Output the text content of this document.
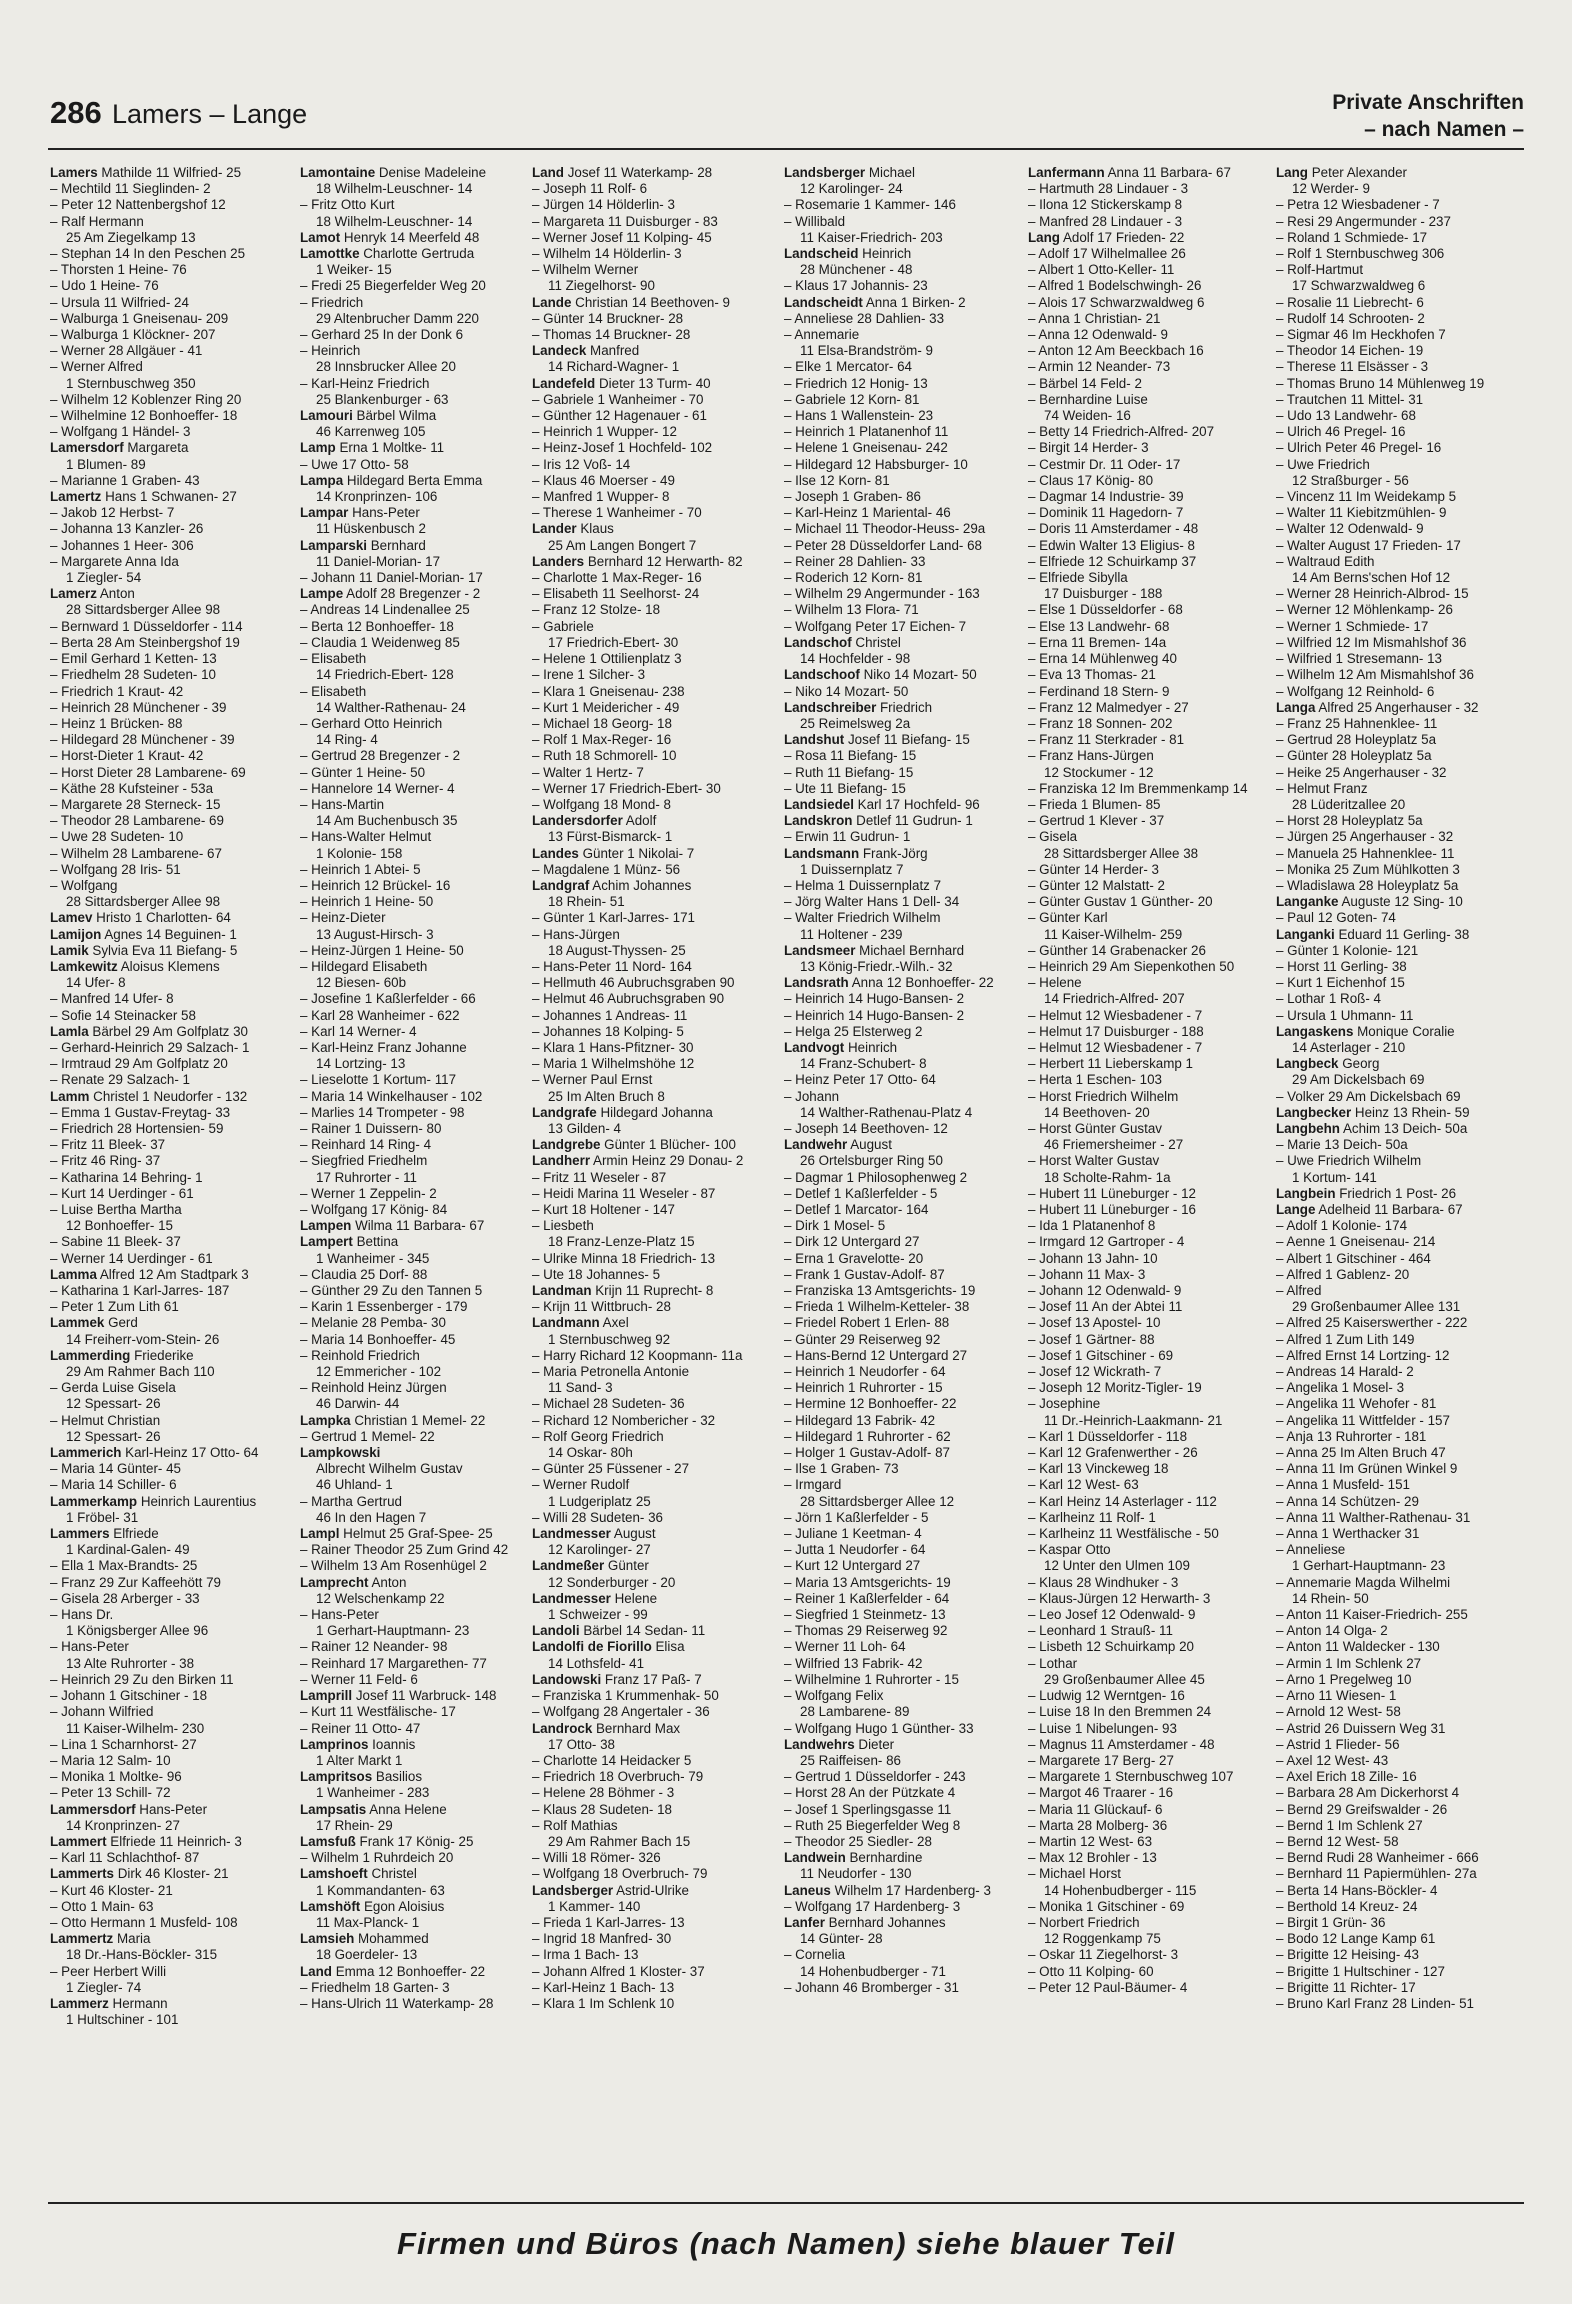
286 Lamers – Lange	Private Anschriften
– nach Namen –
Lamers Mathilde 11 Wilfried- 25
– Mechtild 11 Sieglinden- 2
– Peter 12 Nattenbergshof 12
– Ralf Hermann
25 Am Ziegelkamp 13
– Stephan 14 In den Peschen 25
– Thorsten 1 Heine- 76
– Udo 1 Heine- 76
– Ursula 11 Wilfried- 24
– Walburga 1 Gneisenau- 209
– Walburga 1 Klöckner- 207
– Werner 28 Allgäuer - 41
– Werner Alfred
1 Sternbuschweg 350
– Wilhelm 12 Koblenzer Ring 20
– Wilhelmine 12 Bonhoeffer- 18
– Wolfgang 1 Händel- 3
Lamersdorf Margareta
1 Blumen- 89
– Marianne 1 Graben- 43
Lamertz Hans 1 Schwanen- 27
– Jakob 12 Herbst- 7
– Johanna 13 Kanzler- 26
– Johannes 1 Heer- 306
– Margarete Anna Ida
1 Ziegler- 54
Lamerz Anton
28 Sittardsberger Allee 98
– Bernward 1 Düsseldorfer - 114
– Berta 28 Am Steinbergshof 19
– Emil Gerhard 1 Ketten- 13
– Friedhelm 28 Sudeten- 10
– Friedrich 1 Kraut- 42
– Heinrich 28 Münchener - 39
– Heinz 1 Brücken- 88
– Hildegard 28 Münchener - 39
– Horst-Dieter 1 Kraut- 42
– Horst Dieter 28 Lambarene- 69
– Käthe 28 Kufsteiner - 53a
– Margarete 28 Sterneck- 15
– Theodor 28 Lambarene- 69
– Uwe 28 Sudeten- 10
– Wilhelm 28 Lambarene- 67
– Wolfgang 28 Iris- 51
– Wolfgang
28 Sittardsberger Allee 98
Lamev Hristo 1 Charlotten- 64
Lamijon Agnes 14 Beguinen- 1
Lamik Sylvia Eva 11 Biefang- 5
Lamkewitz Aloisus Klemens
14 Ufer- 8
– Manfred 14 Ufer- 8
– Sofie 14 Steinacker 58
Lamla Bärbel 29 Am Golfplatz 30
– Gerhard-Heinrich 29 Salzach- 1
– Irmtraud 29 Am Golfplatz 20
– Renate 29 Salzach- 1
Lamm Christel 1 Neudorfer - 132
– Emma 1 Gustav-Freytag- 33
– Friedrich 28 Hortensien- 59
– Fritz 11 Bleek- 37
– Fritz 46 Ring- 37
– Katharina 14 Behring- 1
– Kurt 14 Uerdinger - 61
– Luise Bertha Martha
12 Bonhoeffer- 15
– Sabine 11 Bleek- 37
– Werner 14 Uerdinger - 61
Lamma Alfred 12 Am Stadtpark 3
– Katharina 1 Karl-Jarres- 187
– Peter 1 Zum Lith 61
Lammek Gerd
14 Freiherr-vom-Stein- 26
Lammerding Friederike
29 Am Rahmer Bach 110
– Gerda Luise Gisela
12 Spessart- 26
– Helmut Christian
12 Spessart- 26
Lammerich Karl-Heinz 17 Otto- 64
– Maria 14 Günter- 45
– Maria 14 Schiller- 6
Lammerkamp Heinrich Laurentius
1 Fröbel- 31
Lammers Elfriede
1 Kardinal-Galen- 49
– Ella 1 Max-Brandts- 25
– Franz 29 Zur Kaffeehött 79
– Gisela 28 Arberger - 33
– Hans Dr.
1 Königsberger Allee 96
– Hans-Peter
13 Alte Ruhrorter - 38
– Heinrich 29 Zu den Birken 11
– Johann 1 Gitschiner - 18
– Johann Wilfried
11 Kaiser-Wilhelm- 230
– Lina 1 Scharnhorst- 27
– Maria 12 Salm- 10
– Monika 1 Moltke- 96
– Peter 13 Schill- 72
Lammersdorf Hans-Peter
14 Kronprinzen- 27
Lammert Elfriede 11 Heinrich- 3
– Karl 11 Schlachthof- 87
Lammerts Dirk 46 Kloster- 21
– Kurt 46 Kloster- 21
– Otto 1 Main- 63
– Otto Hermann 1 Musfeld- 108
Lammertz Maria
18 Dr.-Hans-Böckler- 315
– Peer Herbert Willi
1 Ziegler- 74
Lammerz Hermann
1 Hultschiner - 101
Lamontaine Denise Madeleine
18 Wilhelm-Leuschner- 14
– Fritz Otto Kurt
18 Wilhelm-Leuschner- 14
Lamot Henryk 14 Meerfeld 48
Lamottke Charlotte Gertruda
1 Weiker- 15
– Fredi 25 Biegerfelder Weg 20
– Friedrich
29 Altenbrucher Damm 220
– Gerhard 25 In der Donk 6
– Heinrich
28 Innsbrucker Allee 20
– Karl-Heinz Friedrich
25 Blankenburger - 63
Lamouri Bärbel Wilma
46 Karrenweg 105
Lamp Erna 1 Moltke- 11
– Uwe 17 Otto- 58
Lampa Hildegard Berta Emma
14 Kronprinzen- 106
Lampar Hans-Peter
11 Hüskenbusch 2
Lamparski Bernhard
11 Daniel-Morian- 17
– Johann 11 Daniel-Morian- 17
Lampe Adolf 28 Bregenzer - 2
– Andreas 14 Lindenallee 25
– Berta 12 Bonhoeffer- 18
– Claudia 1 Weidenweg 85
– Elisabeth
14 Friedrich-Ebert- 128
– Elisabeth
14 Walther-Rathenau- 24
– Gerhard Otto Heinrich
14 Ring- 4
– Gertrud 28 Bregenzer - 2
– Günter 1 Heine- 50
– Hannelore 14 Werner- 4
– Hans-Martin
14 Am Buchenbusch 35
– Hans-Walter Helmut
1 Kolonie- 158
– Heinrich 1 Abtei- 5
– Heinrich 12 Brückel- 16
– Heinrich 1 Heine- 50
– Heinz-Dieter
13 August-Hirsch- 3
– Heinz-Jürgen 1 Heine- 50
– Hildegard Elisabeth
12 Biesen- 60b
– Josefine 1 Kaßlerfelder - 66
– Karl 28 Wanheimer - 622
– Karl 14 Werner- 4
– Karl-Heinz Franz Johanne
14 Lortzing- 13
– Lieselotte 1 Kortum- 117
– Maria 14 Winkelhauser - 102
– Marlies 14 Trompeter - 98
– Rainer 1 Duissern- 80
– Reinhard 14 Ring- 4
– Siegfried Friedhelm
17 Ruhrorter - 11
– Werner 1 Zeppelin- 2
– Wolfgang 17 König- 84
Lampen Wilma 11 Barbara- 67
Lampert Bettina
1 Wanheimer - 345
– Claudia 25 Dorf- 88
– Günther 29 Zu den Tannen 5
– Karin 1 Essenberger - 179
– Melanie 28 Pemba- 30
– Maria 14 Bonhoeffer- 45
– Reinhold Friedrich
12 Emmericher - 102
– Reinhold Heinz Jürgen
46 Darwin- 44
Lampka Christian 1 Memel- 22
– Gertrud 1 Memel- 22
Lampkowski
Albrecht Wilhelm Gustav
46 Uhland- 1
– Martha Gertrud
46 In den Hagen 7
Lampl Helmut 25 Graf-Spee- 25
– Rainer Theodor 25 Zum Grind 42
– Wilhelm 13 Am Rosenhügel 2
Lamprecht Anton
12 Welschenkamp 22
– Hans-Peter
1 Gerhart-Hauptmann- 23
– Rainer 12 Neander- 98
– Reinhard 17 Margarethen- 77
– Werner 11 Feld- 6
Lamprill Josef 11 Warbruck- 148
– Kurt 11 Westfälische- 17
– Reiner 11 Otto- 47
Lamprinos Ioannis
1 Alter Markt 1
Lampritsos Basilios
1 Wanheimer - 283
Lampsatis Anna Helene
17 Rhein- 29
Lamsfuß Frank 17 König- 25
– Wilhelm 1 Ruhrdeich 20
Lamshoeft Christel
1 Kommandanten- 63
Lamshöft Egon Aloisius
11 Max-Planck- 1
Lamsieh Mohammed
18 Goerdeler- 13
Land Emma 12 Bonhoeffer- 22
– Friedhelm 18 Garten- 3
– Hans-Ulrich 11 Waterkamp- 28
Land Josef 11 Waterkamp- 28
– Joseph 11 Rolf- 6
– Jürgen 14 Hölderlin- 3
– Margareta 11 Duisburger - 83
– Werner Josef 11 Kolping- 45
– Wilhelm 14 Hölderlin- 3
– Wilhelm Werner
11 Ziegelhorst- 90
Lande Christian 14 Beethoven- 9
– Günter 14 Bruckner- 28
– Thomas 14 Bruckner- 28
Landeck Manfred
14 Richard-Wagner- 1
Landefeld Dieter 13 Turm- 40
– Gabriele 1 Wanheimer - 70
– Günther 12 Hagenauer - 61
– Heinrich 1 Wupper- 12
– Heinz-Josef 1 Hochfeld- 102
– Iris 12 Voß- 14
– Klaus 46 Moerser - 49
– Manfred 1 Wupper- 8
– Therese 1 Wanheimer - 70
Lander Klaus
25 Am Langen Bongert 7
Landers Bernhard 12 Herwarth- 82
– Charlotte 1 Max-Reger- 16
– Elisabeth 11 Seelhorst- 24
– Franz 12 Stolze- 18
– Gabriele
17 Friedrich-Ebert- 30
– Helene 1 Ottilienplatz 3
– Irene 1 Silcher- 3
– Klara 1 Gneisenau- 238
– Kurt 1 Meidericher - 49
– Michael 18 Georg- 18
– Rolf 1 Max-Reger- 16
– Ruth 18 Schmorell- 10
– Walter 1 Hertz- 7
– Werner 17 Friedrich-Ebert- 30
– Wolfgang 18 Mond- 8
Landersdorfer Adolf
13 Fürst-Bismarck- 1
Landes Günter 1 Nikolai- 7
– Magdalene 1 Münz- 56
Landgraf Achim Johannes
18 Rhein- 51
– Günter 1 Karl-Jarres- 171
– Hans-Jürgen
18 August-Thyssen- 25
– Hans-Peter 11 Nord- 164
– Hellmuth 46 Aubruchsgraben 90
– Helmut 46 Aubruchsgraben 90
– Johannes 1 Andreas- 11
– Johannes 18 Kolping- 5
– Klara 1 Hans-Pfitzner- 30
– Maria 1 Wilhelmshöhe 12
– Werner Paul Ernst
25 Im Alten Bruch 8
Landgrafe Hildegard Johanna
13 Gilden- 4
Landgrebe Günter 1 Blücher- 100
Landherr Armin Heinz 29 Donau- 2
– Fritz 11 Weseler - 87
– Heidi Marina 11 Weseler - 87
– Kurt 18 Holtener - 147
– Liesbeth
18 Franz-Lenze-Platz 15
– Ulrike Minna 18 Friedrich- 13
– Ute 18 Johannes- 5
Landman Krijn 11 Ruprecht- 8
– Krijn 11 Wittbruch- 28
Landmann Axel
1 Sternbuschweg 92
– Harry Richard 12 Koopmann- 11a
– Maria Petronella Antonie
11 Sand- 3
– Michael 28 Sudeten- 36
– Richard 12 Nombericher - 32
– Rolf Georg Friedrich
14 Oskar- 80h
– Günter 25 Füssener - 27
– Werner Rudolf
1 Ludgeriplatz 25
– Willi 28 Sudeten- 36
Landmesser August
12 Karolinger- 27
Landmeßer Günter
12 Sonderburger - 20
Landmesser Helene
1 Schweizer - 99
Landoli Bärbel 14 Sedan- 11
Landolfi de Fiorillo Elisa
14 Lothsfeld- 41
Landowski Franz 17 Paß- 7
– Franziska 1 Krummenhak- 50
– Wolfgang 28 Angertaler - 36
Landrock Bernhard Max
17 Otto- 38
– Charlotte 14 Heidacker 5
– Friedrich 18 Overbruch- 79
– Helene 28 Böhmer - 3
– Klaus 28 Sudeten- 18
– Rolf Mathias
29 Am Rahmer Bach 15
– Willi 18 Römer- 326
– Wolfgang 18 Overbruch- 79
Landsberger Astrid-Ulrike
1 Kammer- 140
– Frieda 1 Karl-Jarres- 13
– Ingrid 18 Manfred- 30
– Irma 1 Bach- 13
– Johann Alfred 1 Kloster- 37
– Karl-Heinz 1 Bach- 13
– Klara 1 Im Schlenk 10
Landsberger Michael
12 Karolinger- 24
– Rosemarie 1 Kammer- 146
– Willibald
11 Kaiser-Friedrich- 203
Landscheid Heinrich
28 Münchener - 48
– Klaus 17 Johannis- 23
Landscheidt Anna 1 Birken- 2
– Anneliese 28 Dahlien- 33
– Annemarie
11 Elsa-Brandström- 9
– Elke 1 Mercator- 64
– Friedrich 12 Honig- 13
– Gabriele 12 Korn- 81
– Hans 1 Wallenstein- 23
– Heinrich 1 Platanenhof 11
– Helene 1 Gneisenau- 242
– Hildegard 12 Habsburger- 10
– Ilse 12 Korn- 81
– Joseph 1 Graben- 86
– Karl-Heinz 1 Mariental- 46
– Michael 11 Theodor-Heuss- 29a
– Peter 28 Düsseldorfer Land- 68
– Reiner 28 Dahlien- 33
– Roderich 12 Korn- 81
– Wilhelm 29 Angermunder - 163
– Wilhelm 13 Flora- 71
– Wolfgang Peter 17 Eichen- 7
Landschof Christel
14 Hochfelder - 98
Landschoof Niko 14 Mozart- 50
– Niko 14 Mozart- 50
Landschreiber Friedrich
25 Reimelsweg 2a
Landshut Josef 11 Biefang- 15
– Rosa 11 Biefang- 15
– Ruth 11 Biefang- 15
– Ute 11 Biefang- 15
Landsiedel Karl 17 Hochfeld- 96
Landskron Detlef 11 Gudrun- 1
– Erwin 11 Gudrun- 1
Landsmann Frank-Jörg
1 Duissernplatz 7
– Helma 1 Duissernplatz 7
– Jörg Walter Hans 1 Dell- 34
– Walter Friedrich Wilhelm
11 Holtener - 239
Landsmeer Michael Bernhard
13 König-Friedr.-Wilh.- 32
Landsrath Anna 12 Bonhoeffer- 22
– Heinrich 14 Hugo-Bansen- 2
– Heinrich 14 Hugo-Bansen- 2
– Helga 25 Elsterweg 2
Landvogt Heinrich
14 Franz-Schubert- 8
– Heinz Peter 17 Otto- 64
– Johann
14 Walther-Rathenau-Platz 4
– Joseph 14 Beethoven- 12
Landwehr August
26 Ortelsburger Ring 50
– Dagmar 1 Philosophenweg 2
– Detlef 1 Kaßlerfelder - 5
– Detlef 1 Marcator- 164
– Dirk 1 Mosel- 5
– Dirk 12 Untergard 27
– Erna 1 Gravelotte- 20
– Frank 1 Gustav-Adolf- 87
– Franziska 13 Amtsgerichts- 19
– Frieda 1 Wilhelm-Ketteler- 38
– Friedel Robert 1 Erlen- 88
– Günter 29 Reiserweg 92
– Hans-Bernd 12 Untergard 27
– Heinrich 1 Neudorfer - 64
– Heinrich 1 Ruhrorter - 15
– Hermine 12 Bonhoeffer- 22
– Hildegard 13 Fabrik- 42
– Hildegard 1 Ruhrorter - 62
– Holger 1 Gustav-Adolf- 87
– Ilse 1 Graben- 73
– Irmgard
28 Sittardsberger Allee 12
– Jörn 1 Kaßlerfelder - 5
– Juliane 1 Keetman- 4
– Jutta 1 Neudorfer - 64
– Kurt 12 Untergard 27
– Maria 13 Amtsgerichts- 19
– Reiner 1 Kaßlerfelder - 64
– Siegfried 1 Steinmetz- 13
– Thomas 29 Reiserweg 92
– Werner 11 Loh- 64
– Wilfried 13 Fabrik- 42
– Wilhelmine 1 Ruhrorter - 15
– Wolfgang Felix
28 Lambarene- 89
– Wolfgang Hugo 1 Günther- 33
Landwehrs Dieter
25 Raiffeisen- 86
– Gertrud 1 Düsseldorfer - 243
– Horst 28 An der Pützkate 4
– Josef 1 Sperlingsgasse 11
– Ruth 25 Biegerfelder Weg 8
– Theodor 25 Siedler- 28
Landwein Bernhardine
11 Neudorfer - 130
Laneus Wilhelm 17 Hardenberg- 3
– Wolfgang 17 Hardenberg- 3
Lanfer Bernhard Johannes
14 Günter- 28
– Cornelia
14 Hohenbudberger - 71
– Johann 46 Bromberger - 31
Lanfermann Anna 11 Barbara- 67
– Hartmuth 28 Lindauer - 3
– Ilona 12 Stickerskamp 8
– Manfred 28 Lindauer - 3
Lang Adolf 17 Frieden- 22
– Adolf 17 Wilhelmallee 26
– Albert 1 Otto-Keller- 11
– Alfred 1 Bodelschwingh- 26
– Alois 17 Schwarzwaldweg 6
– Anna 1 Christian- 21
– Anna 12 Odenwald- 9
– Anton 12 Am Beeckbach 16
– Armin 12 Neander- 73
– Bärbel 14 Feld- 2
– Bernhardine Luise
74 Weiden- 16
– Betty 14 Friedrich-Alfred- 207
– Birgit 14 Herder- 3
– Cestmir Dr. 11 Oder- 17
– Claus 17 König- 80
– Dagmar 14 Industrie- 39
– Dominik 11 Hagedorn- 7
– Doris 11 Amsterdamer - 48
– Edwin Walter 13 Eligius- 8
– Elfriede 12 Schuirkamp 37
– Elfriede Sibylla
17 Duisburger - 188
– Else 1 Düsseldorfer - 68
– Else 13 Landwehr- 68
– Erna 11 Bremen- 14a
– Erna 14 Mühlenweg 40
– Eva 13 Thomas- 21
– Ferdinand 18 Stern- 9
– Franz 12 Malmedyer - 27
– Franz 18 Sonnen- 202
– Franz 11 Sterkrader - 81
– Franz Hans-Jürgen
12 Stockumer - 12
– Franziska 12 Im Bremmenkamp 14
– Frieda 1 Blumen- 85
– Gertrud 1 Klever - 37
– Gisela
28 Sittardsberger Allee 38
– Günter 14 Herder- 3
– Günter 12 Malstatt- 2
– Günter Gustav 1 Günther- 20
– Günter Karl
11 Kaiser-Wilhelm- 259
– Günther 14 Grabenacker 26
– Heinrich 29 Am Siepenkothen 50
– Helene
14 Friedrich-Alfred- 207
– Helmut 12 Wiesbadener - 7
– Helmut 17 Duisburger - 188
– Helmut 12 Wiesbadener - 7
– Herbert 11 Lieberskamp 1
– Herta 1 Eschen- 103
– Horst Friedrich Wilhelm
14 Beethoven- 20
– Horst Günter Gustav
46 Friemersheimer - 27
– Horst Walter Gustav
18 Scholte-Rahm- 1a
– Hubert 11 Lüneburger - 12
– Hubert 11 Lüneburger - 16
– Ida 1 Platanenhof 8
– Irmgard 12 Gartroper - 4
– Johann 13 Jahn- 10
– Johann 11 Max- 3
– Johann 12 Odenwald- 9
– Josef 11 An der Abtei 11
– Josef 13 Apostel- 10
– Josef 1 Gärtner- 88
– Josef 1 Gitschiner - 69
– Josef 12 Wickrath- 7
– Joseph 12 Moritz-Tigler- 19
– Josephine
11 Dr.-Heinrich-Laakmann- 21
– Karl 1 Düsseldorfer - 118
– Karl 12 Grafenwerther - 26
– Karl 13 Vinckeweg 18
– Karl 12 West- 63
– Karl Heinz 14 Asterlager - 112
– Karlheinz 11 Rolf- 1
– Karlheinz 11 Westfälische - 50
– Kaspar Otto
12 Unter den Ulmen 109
– Klaus 28 Windhuker - 3
– Klaus-Jürgen 12 Herwarth- 3
– Leo Josef 12 Odenwald- 9
– Leonhard 1 Strauß- 11
– Lisbeth 12 Schuirkamp 20
– Lothar
29 Großenbaumer Allee 45
– Ludwig 12 Werntgen- 16
– Luise 18 In den Bremmen 24
– Luise 1 Nibelungen- 93
– Magnus 11 Amsterdamer - 48
– Margarete 17 Berg- 27
– Margarete 1 Sternbuschweg 107
– Margot 46 Traarer - 16
– Maria 11 Glückauf- 6
– Marta 28 Molberg- 36
– Martin 12 West- 63
– Max 12 Brohler - 13
– Michael Horst
14 Hohenbudberger - 115
– Monika 1 Gitschiner - 69
– Norbert Friedrich
12 Roggenkamp 75
– Oskar 11 Ziegelhorst- 3
– Otto 11 Kolping- 60
– Peter 12 Paul-Bäumer- 4
Lang Peter Alexander
12 Werder- 9
– Petra 12 Wiesbadener - 7
– Resi 29 Angermunder - 237
– Roland 1 Schmiede- 17
– Rolf 1 Sternbuschweg 306
– Rolf-Hartmut
17 Schwarzwaldweg 6
– Rosalie 11 Liebrecht- 6
– Rudolf 14 Schrooten- 2
– Sigmar 46 Im Heckhofen 7
– Theodor 14 Eichen- 19
– Therese 11 Elsässer - 3
– Thomas Bruno 14 Mühlenweg 19
– Trautchen 11 Mittel- 31
– Udo 13 Landwehr- 68
– Ulrich 46 Pregel- 16
– Ulrich Peter 46 Pregel- 16
– Uwe Friedrich
12 Straßburger - 56
– Vincenz 11 Im Weidekamp 5
– Walter 11 Kiebitzmühlen- 9
– Walter 12 Odenwald- 9
– Walter August 17 Frieden- 17
– Waltraud Edith
14 Am Berns'schen Hof 12
– Werner 28 Heinrich-Albrod- 15
– Werner 12 Möhlenkamp- 26
– Werner 1 Schmiede- 17
– Wilfried 12 Im Mismahlshof 36
– Wilfried 1 Stresemann- 13
– Wilhelm 12 Am Mismahlshof 36
– Wolfgang 12 Reinhold- 6
Langa Alfred 25 Angerhauser - 32
– Franz 25 Hahnenklee- 11
– Gertrud 28 Holeyplatz 5a
– Günter 28 Holeyplatz 5a
– Heike 25 Angerhauser - 32
– Helmut Franz
28 Lüderitzallee 20
– Horst 28 Holeyplatz 5a
– Jürgen 25 Angerhauser - 32
– Manuela 25 Hahnenklee- 11
– Monika 25 Zum Mühlkotten 3
– Wladislawa 28 Holeyplatz 5a
Langanke Auguste 12 Sing- 10
– Paul 12 Goten- 74
Langanki Eduard 11 Gerling- 38
– Günter 1 Kolonie- 121
– Horst 11 Gerling- 38
– Kurt 1 Eichenhof 15
– Lothar 1 Roß- 4
– Ursula 1 Uhmann- 11
Langaskens Monique Coralie
14 Asterlager - 210
Langbeck Georg
29 Am Dickelsbach 69
– Volker 29 Am Dickelsbach 69
Langbecker Heinz 13 Rhein- 59
Langbehn Achim 13 Deich- 50a
– Marie 13 Deich- 50a
– Uwe Friedrich Wilhelm
1 Kortum- 141
Langbein Friedrich 1 Post- 26
Lange Adelheid 11 Barbara- 67
– Adolf 1 Kolonie- 174
– Aenne 1 Gneisenau- 214
– Albert 1 Gitschiner - 464
– Alfred 1 Gablenz- 20
– Alfred
29 Großenbaumer Allee 131
– Alfred 25 Kaiserswerther - 222
– Alfred 1 Zum Lith 149
– Alfred Ernst 14 Lortzing- 12
– Andreas 14 Harald- 2
– Angelika 1 Mosel- 3
– Angelika 11 Wehofer - 81
– Angelika 11 Wittfelder - 157
– Anja 13 Ruhrorter - 181
– Anna 25 Im Alten Bruch 47
– Anna 11 Im Grünen Winkel 9
– Anna 1 Musfeld- 151
– Anna 14 Schützen- 29
– Anna 11 Walther-Rathenau- 31
– Anna 1 Werthacker 31
– Anneliese
1 Gerhart-Hauptmann- 23
– Annemarie Magda Wilhelmi
14 Rhein- 50
– Anton 11 Kaiser-Friedrich- 255
– Anton 14 Olga- 2
– Anton 11 Waldecker - 130
– Armin 1 Im Schlenk 27
– Arno 1 Pregelweg 10
– Arno 11 Wiesen- 1
– Arnold 12 West- 58
– Astrid 26 Duissern Weg 31
– Astrid 1 Flieder- 56
– Axel 12 West- 43
– Axel Erich 18 Zille- 16
– Barbara 28 Am Dickerhorst 4
– Bernd 29 Greifswalder - 26
– Bernd 1 Im Schlenk 27
– Bernd 12 West- 58
– Bernd Rudi 28 Wanheimer - 666
– Bernhard 11 Papiermühlen- 27a
– Berta 14 Hans-Böckler- 4
– Berthold 14 Kreuz- 24
– Birgit 1 Grün- 36
– Bodo 12 Lange Kamp 61
– Brigitte 12 Heising- 43
– Brigitte 1 Hultschiner - 127
– Brigitte 11 Richter- 17
– Bruno Karl Franz 28 Linden- 51
Firmen und Büros (nach Namen) siehe blauer Teil
